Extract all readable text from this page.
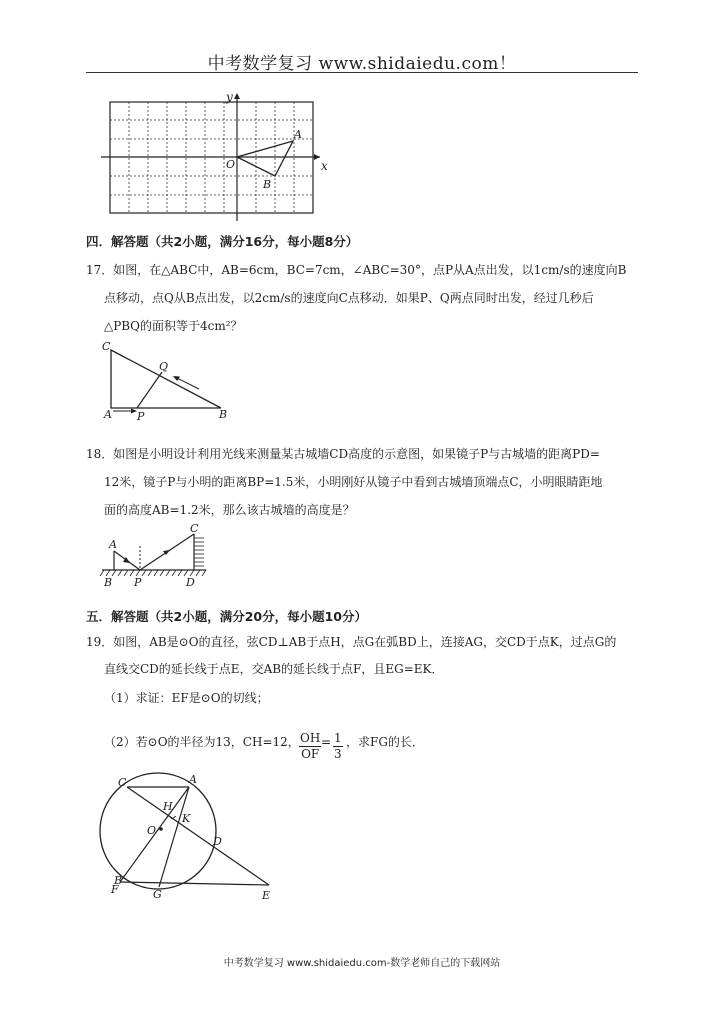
中考数学复习 www.shidaiedu.com！
y
x
O
A
B
四．解答题（共2小题，满分16分，每小题8分）
17．如图，在△ABC中，AB=6cm，BC=7cm，∠ABC=30°，点P从A点出发，以1cm/s的速度向B
点移动，点Q从B点出发，以2cm/s的速度向C点移动．如果P、Q两点同时出发，经过几秒后
△PBQ的面积等于4cm²？
C
Q
A P	B
18．如图是小明设计利用光线来测量某古城墙CD高度的示意图，如果镜子P与古城墙的距离PD=
12米，镜子P与小明的距离BP=1.5米，小明刚好从镜子中看到古城墙顶端点C，小明眼睛距地
面的高度AB=1.2米，那么该古城墙的高度是？
A
C
B P	D
五．解答题（共2小题，满分20分，每小题10分）
19．如图，AB是⊙O的直径，弦CD⊥AB于点H，点G在弧BD上，连接AG，交CD于点K，过点G的
直线交CD的延长线于点E，交AB的延长线于点F，且EG=EK．
（1）求证：EF是⊙O的切线；
（2）若⊙O的半径为13，CH=12， $\frac{OH}{OF} = \frac{1}{3}$ ，求FG的长．
C	A
H
K
O
D
B
F	G	E
中考数学复习 www.shidaiedu.com-数学老师自己的下载网站
